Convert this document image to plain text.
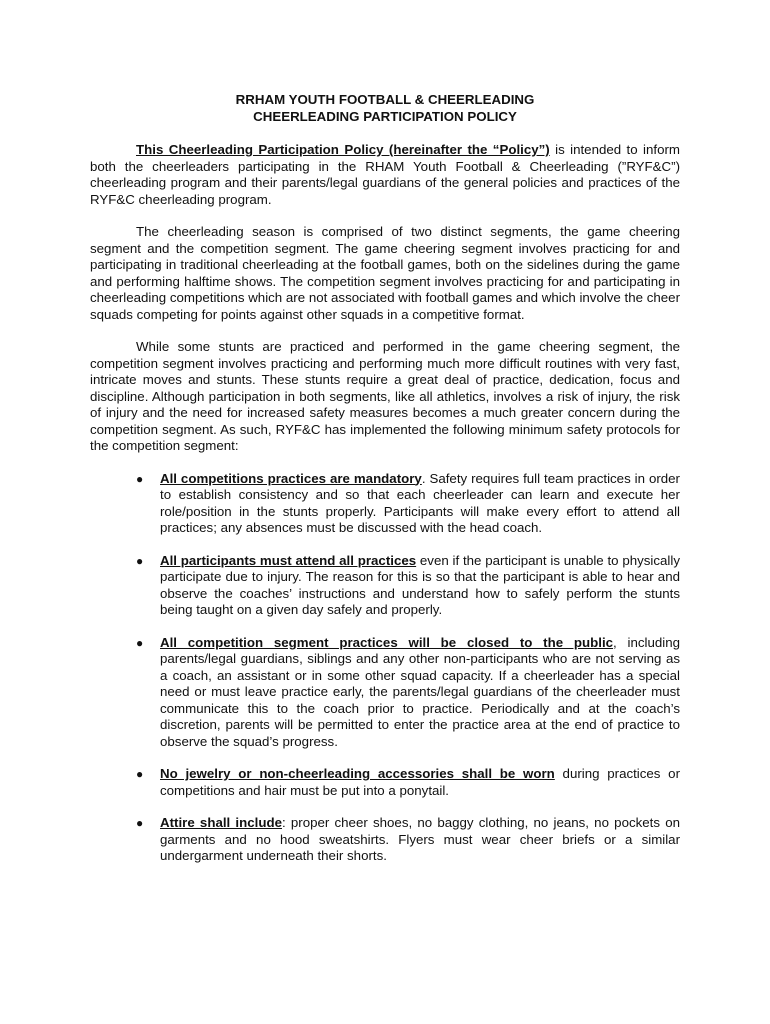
RRHAM YOUTH FOOTBALL & CHEERLEADING
CHEERLEADING PARTICIPATION POLICY

This Cheerleading Participation Policy (hereinafter the “Policy”) is intended to inform both the cheerleaders participating in the RHAM Youth Football & Cheerleading (”RYF&C”) cheerleading program and their parents/legal guardians of the general policies and practices of the RYF&C cheerleading program.

The cheerleading season is comprised of two distinct segments, the game cheering segment and the competition segment. The game cheering segment involves practicing for and participating in traditional cheerleading at the football games, both on the sidelines during the game and performing halftime shows. The competition segment involves practicing for and participating in cheerleading competitions which are not associated with football games and which involve the cheer squads competing for points against other squads in a competitive format.

While some stunts are practiced and performed in the game cheering segment, the competition segment involves practicing and performing much more difficult routines with very fast, intricate moves and stunts. These stunts require a great deal of practice, dedication, focus and discipline. Although participation in both segments, like all athletics, involves a risk of injury, the risk of injury and the need for increased safety measures becomes a much greater concern during the competition segment. As such, RYF&C has implemented the following minimum safety protocols for the competition segment:

● All competitions practices are mandatory. Safety requires full team practices in order to establish consistency and so that each cheerleader can learn and execute her role/position in the stunts properly. Participants will make every effort to attend all practices; any absences must be discussed with the head coach.
● All participants must attend all practices even if the participant is unable to physically participate due to injury. The reason for this is so that the participant is able to hear and observe the coaches’ instructions and understand how to safely perform the stunts being taught on a given day safely and properly.
● All competition segment practices will be closed to the public, including parents/legal guardians, siblings and any other non-participants who are not serving as a coach, an assistant or in some other squad capacity. If a cheerleader has a special need or must leave practice early, the parents/legal guardians of the cheerleader must communicate this to the coach prior to practice. Periodically and at the coach’s discretion, parents will be permitted to enter the practice area at the end of practice to observe the squad’s progress.
● No jewelry or non-cheerleading accessories shall be worn during practices or competitions and hair must be put into a ponytail.
● Attire shall include: proper cheer shoes, no baggy clothing, no jeans, no pockets on garments and no hood sweatshirts. Flyers must wear cheer briefs or a similar undergarment underneath their shorts.
